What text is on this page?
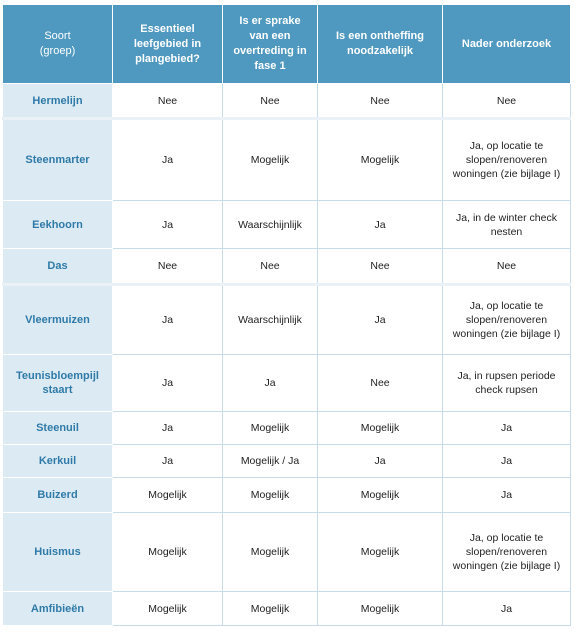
Soort
(groep)	Essentieel leefgebied in plangebied?	Is er sprake van een overtreding in fase 1	Is een ontheffing noodzakelijk	Nader onderzoek
Hermelijn	Nee	Nee	Nee	Nee
Steenmarter	Ja	Mogelijk	Mogelijk	Ja, op locatie te slopen/renoveren woningen (zie bijlage I)
Eekhoorn	Ja	Waarschijnlijk	Ja	Ja, in de winter check nesten
Das	Nee	Nee	Nee	Nee
Vleermuizen	Ja	Waarschijnlijk	Ja	Ja, op locatie te slopen/renoveren woningen (zie bijlage I)
Teunisbloempijl staart	Ja	Ja	Nee	Ja, in rupsen periode check rupsen
Steenuil	Ja	Mogelijk	Mogelijk	Ja
Kerkuil	Ja	Mogelijk / Ja	Ja	Ja
Buizerd	Mogelijk	Mogelijk	Mogelijk	Ja
Huismus	Mogelijk	Mogelijk	Mogelijk	Ja, op locatie te slopen/renoveren woningen (zie bijlage I)
Amfibieën	Mogelijk	Mogelijk	Mogelijk	Ja
